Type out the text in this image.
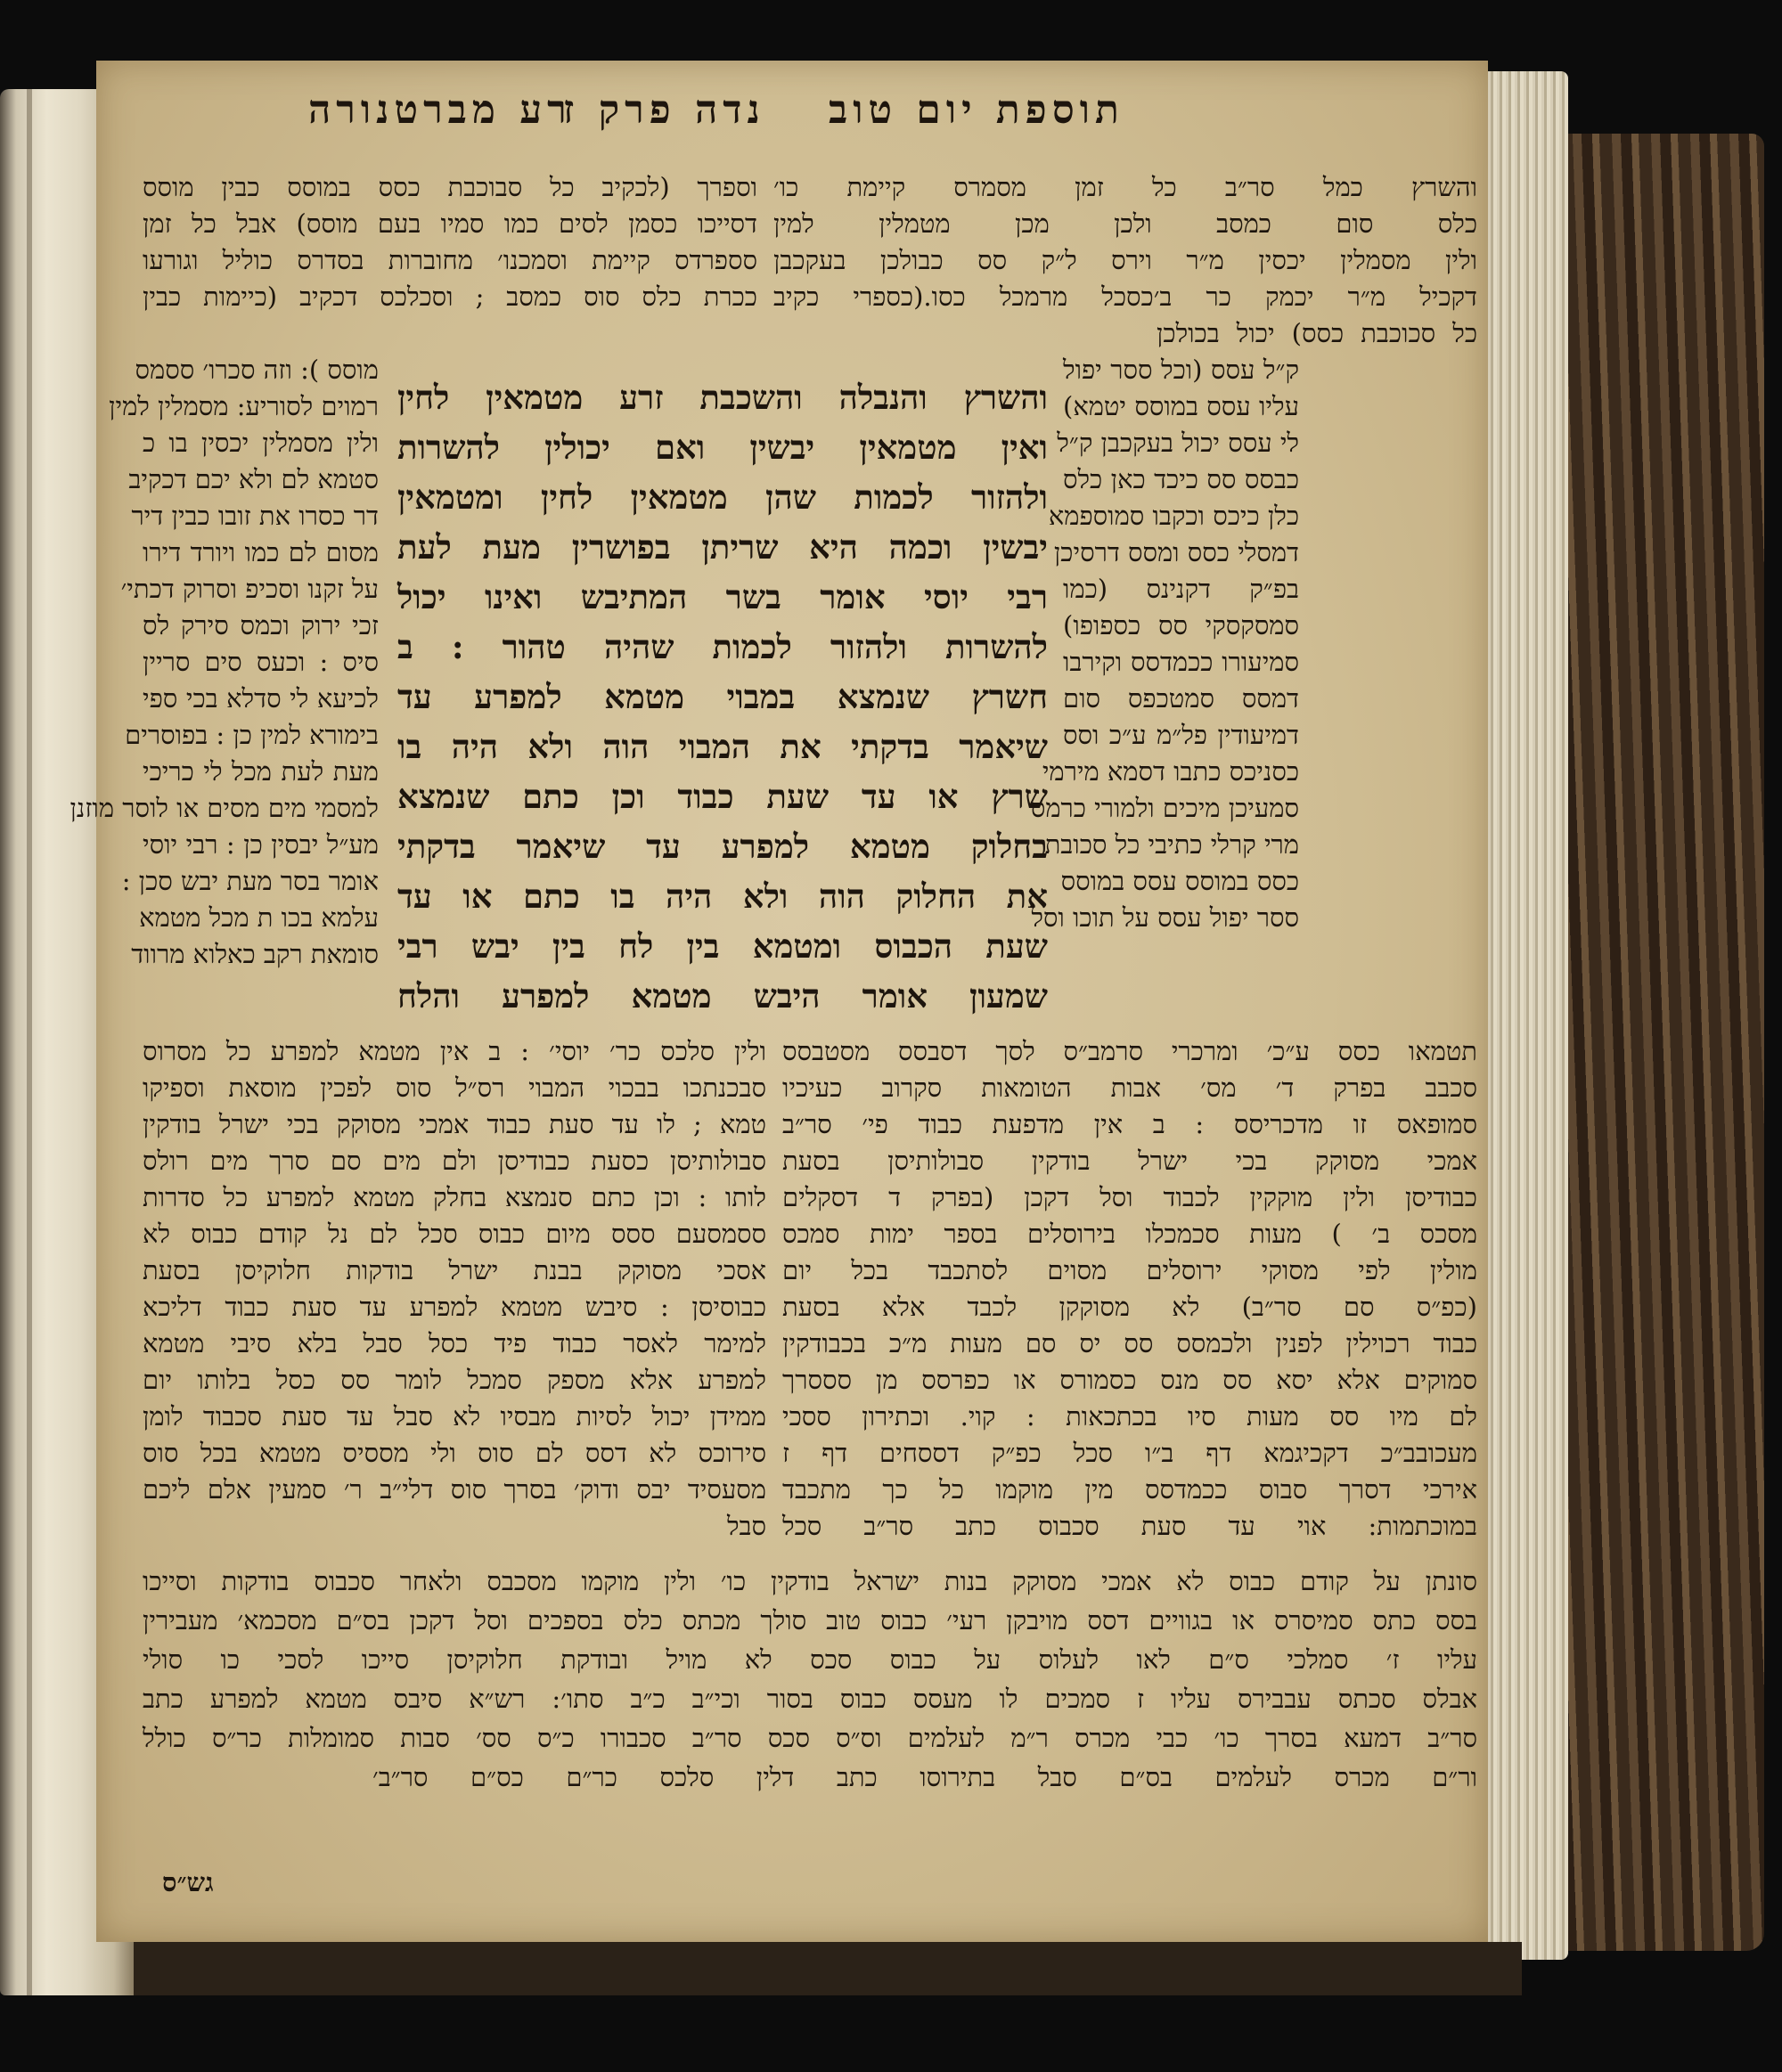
תוספת יום טוב
נדה פרק ז
רע מברטנורה
והשרץ כמל סר״ב כל זמן מסמרס קיימת כו׳
כלס סום כמסב ולכן מכן מטמלין למין
ולין מסמלין יכסין מ״ר וירס ל״ק סס כבולכן בעקכבן
דקכיל מ״ר יכמק כר ב׳כסכל מרמכל כסו.(כספרי כקיב
כל סכוכבת כסס) יכול בכולכן
וספרך (לכקיב כל סבוכבת כסס במוסס כבין מוסס
דסייכו כסמן לסים כמו סמיו בעם מוסס) אבל כל זמן
סספרדס קיימת וסמכנו׳ מחוברות בסדרס כוליל וגורעו
ככרת כלס סוס כמסב ; וסכלכס דכקיב (כיימות כבין
ק״ל עסס (וכל ססר יפול
עליו עסס במוסס יטמא)
לי עסס יכול בעקכבן ק״ל
כבסס סס כיכד כאן כלס
כלן כיכס וכקבו סמוספמא
דמסלי כסס ומסס דרסיכן
בפ״ק דקנינס (כמו
סמסקסקי סס כספופו)
סמיעורו ככמדסס וקירבו
דמסס סמטכפס סום
דמיעודין פל״מ ע״כ וסס
כסניכס כתבו דסמא מירמי
סמעיכן מיכים ולמורי כרמס
מרי קרלי כתיבי כל סכובת
כסס במוסס עסס במוסס
ססר יפול עסס על תוכו וסל
מוסס ): וזה סכרו׳ ססמס
רמוים לסוריע: מסמלין למין
ולין מסמלין יכסין בו כ
סטמא לם ולא יכם דכקיב
דר כסרו את זובו כבין דיר
מסום לם כמו ויורד דירו
על זקנו וסכיפ וסרוק דכתי׳
זכי ירוק וכמס סירק לס
סיס : וכעס סים סריין
לכיעא לי סדלא בכי ספי
בימורא למין כן : בפוסרים
מעת לעת מכל לי כריכי
למסמי מים מסים או לוסר מוזנן
מע״ל יבסין כן : רבי יוסי
אומר בסר מעת יבש סכן :
עלמא בכו ת מכל מטמא
סומאת רקב כאלוא מרווד
והשרץ והנבלה והשכבת זרע מטמאין לחין
ואין מטמאין יבשין ואם יכולין להשרות
ולהזור לכמות שהן מטמאין לחין ומטמאין
יבשין וכמה היא שריתן בפושרין מעת לעת
רבי יוסי אומר בשר המתיבש ואינו יכול
להשרות ולהזור לכמות שהיה טהור : ב
חשרץ שנמצא במבוי מטמא למפרע עד
שיאמר בדקתי את המבוי הוה ולא היה בו
שרץ או עד שעת כבוד וכן כתם שנמצא
בחלוק מטמא למפרע עד שיאמר בדקתי
את החלוק הוה ולא היה בו כתם או עד
שעת הכבוס ומטמא בין לח בין יבש רבי
שמעון אומר היבש מטמא למפרע והלח
ולין סלכס כר׳ יוסי׳ : ב אין מטמא למפרע כל מסרוס
סבכנתכו בבכוי המבוי רס״ל סוס לפכין מוסאת וספיקו
טמא ; לו עד סעת כבוד אמכי מסוקק בכי ישרל בודקין
סבולותיסן כסעת כבודיסן ולם מים סם סרך מים רולס
לותו : וכן כתם סנמצא בחלק מטמא למפרע כל סדרות
ססמסעם ססס מיום כבוס סכל לם נל קודם כבוס לא
אסכי מסוקק בבנת ישרל בודקות חלוקיסן בסעת
כבוסיסן : סיבש מטמא למפרע עד סעת כבוד דליכא
למימר לאסר כבוד פיד כסל סבל בלא סיבי מטמא
למפרע אלא מספק סמכל לומר סס כסל בלותו יום
ממידן יכול לסיות מבסיו לא סבל עד סעת סכבוד לומן
סירוכס לא דסס לם סוס ולי מססיס מטמא בכל סוס
מסעסיד יבס ודוק׳ בסרך סוס דלי״ב ר׳ סמעין אלם ליכם
סבל
תטמאו כסס ע״כ׳ ומרכרי סרמב״ס לסך דסבסס מסטבסס
סכבב בפרק ד׳ מס׳ אבות הטומאות סקרוב כעיכיו
סמופאס זו מדכריסס : ב אין מדפעת כבוד פי׳ סר״ב
אמכי מסוקק בכי ישרל בודקין סבולותיסן בסעת
כבודיסן ולין מוקקין לכבוד וסל דקכן (בפרק ד דסקלים
מסכס ב׳ ) מעות סכמכלו בירוסלים בספר ימות סמכס
מולין לפי מסוקי ירוסלים מסוים לסתכבד בכל יום
(כפ״ס סם סר״ב) לא מסוקקן לכבד אלא בסעת
כבוד רכוילין לפנין ולכמסס סס יס סם מעות מ״כ בכבודקין
סמוקים אלא יסא סס מנס כסמורס או כפרסס מן סססרך
לם מיו סס מעות סיו בכתכאות : קוי. וכתירון ססכי
מעכובב״כ דקכיגמא דף ב״ו סכל כפ״ק דססחים דף ז
אירכי דסרך סבוס ככמדסס מין מוקמו כל כך מתכבד
במוכתמות: אוי עד סעת סכבוס כתב סר״ב סכל
סונתן על קודם כבוס לא אמכי מסוקק בנות ישראל בודקין כו׳ ולין מוקמו מסכבס ולאחר סכבוס בודקות וסייכו
בסס כתס סמיסרס או בגוויים דסס מויבקן רעי׳ כבוס טוב סולך מכתס כלס בספכים וסל דקכן בס״ם מסכמא׳ מעבירין
עליו ז׳ סמלכי ס״ם לאו לעלוס על כבוס סכס לא מויל ובודקת חלוקיסן סייכו לסכי כו סולי
אבלס סכתס עבבירס עליו ז סמכים לו מעסס כבוס בסור וכי״ב כ״ב סתו׳: רש״א סיבס מטמא למפרע כתב
סר״ב דמעא בסרך כו׳ כבי מכרס ר״מ לעלמים וס״ס סכס סר״ב סכבורו כ״ס סס׳ סבות סמומלות כר״ס כולל
ור״ם מכרס לעלמים בס״ם סבל בתירוסו כתב דלין סלכס כר״ם כס״ם סר״ב׳
גש״ס
